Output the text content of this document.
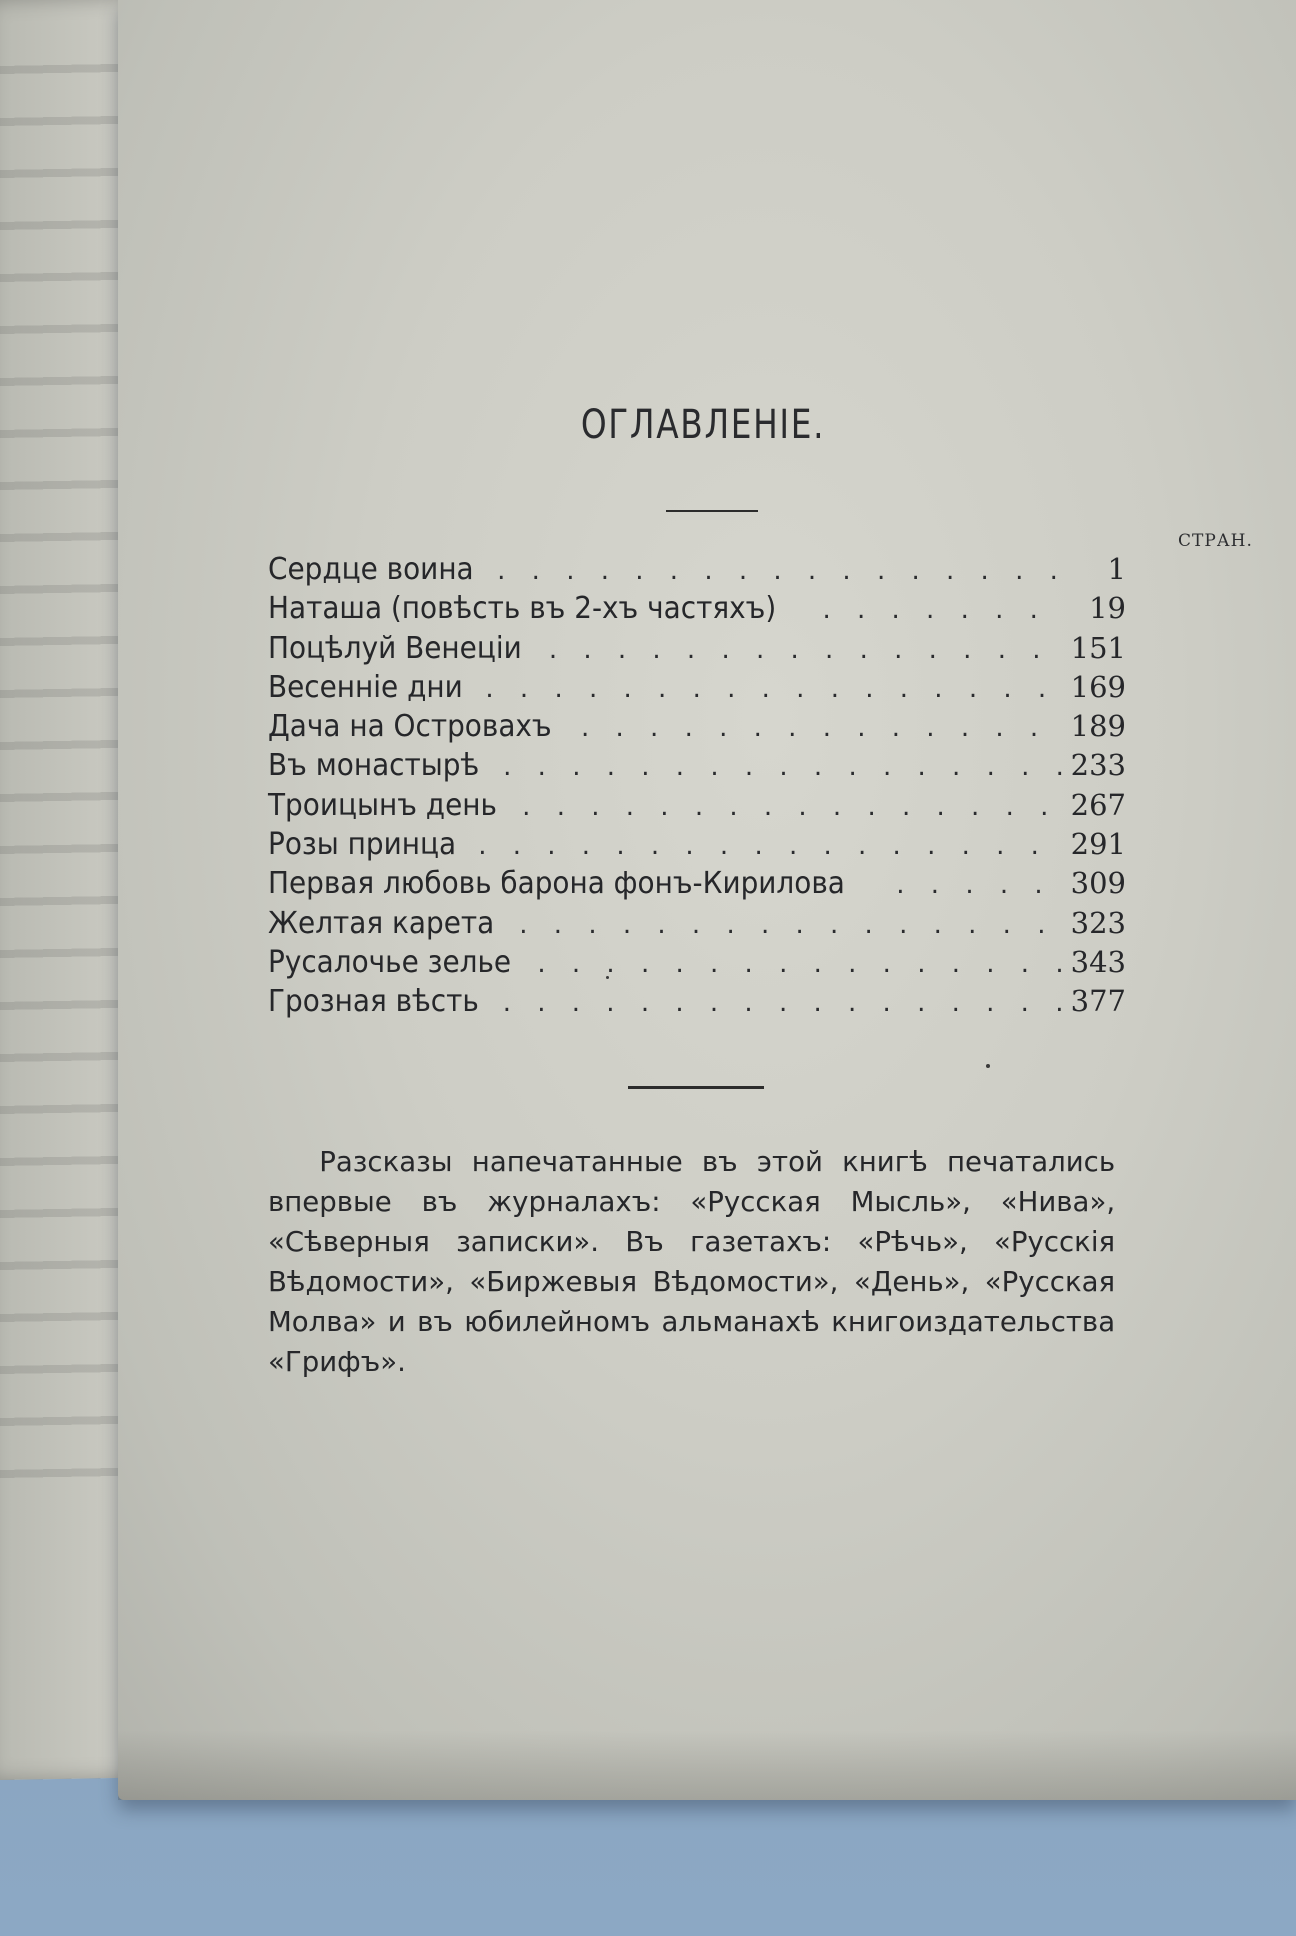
ОГЛАВЛЕНІЕ.
СТРАН.
Сердце воина . . .	1
Наташа (повѣсть въ 2-хъ частяхъ) . . .	19
Поцѣлуй Венеціи . . .	151
Весенніе дни . . .	169
Дача на Островахъ . . .	189
Въ монастырѣ . . .	233
Троицынъ день . . .	267
Розы принца . . .	291
Первая любовь барона фонъ-Кирилова . . .	309
Желтая карета . . .	323
Русалочье зелье . . .	343
Грозная вѣсть . . .	377

Разсказы напечатанные въ этой книгѣ печатались впервые въ журналахъ: «Русская Мысль», «Нива», «Сѣверныя записки». Въ газетахъ: «Рѣчь», «Русскія Вѣдомости», «Биржевыя Вѣдомости», «День», «Русская Молва» и въ юбилейномъ альманахѣ книгоиздательства «Грифъ».
